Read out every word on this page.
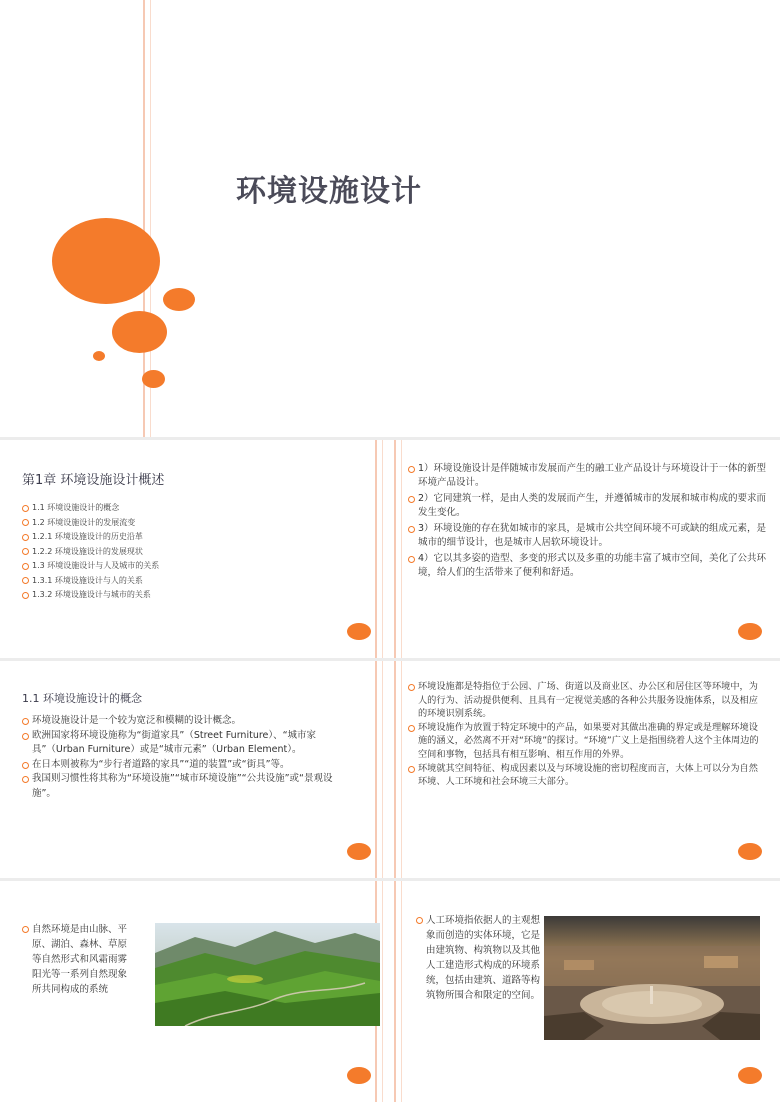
环境设施设计
第1章 环境设施设计概述
1.1 环境设施设计的概念
1.2 环境设施设计的发展流变
1.2.1 环境设施设计的历史沿革
1.2.2 环境设施设计的发展现状
1.3 环境设施设计与人及城市的关系
1.3.1 环境设施设计与人的关系
1.3.2 环境设施设计与城市的关系
1）环境设施设计是伴随城市发展而产生的融工业产品设计与环境设计于一体的新型环境产品设计。
2）它同建筑一样，是由人类的发展而产生，并遵循城市的发展和城市构成的要求而发生变化。
3）环境设施的存在犹如城市的家具，是城市公共空间环境不可或缺的组成元素，是城市的细节设计，也是城市人居软环境设计。
4）它以其多姿的造型、多变的形式以及多重的功能丰富了城市空间，美化了公共环境，给人们的生活带来了便利和舒适。
1.1 环境设施设计的概念
环境设施设计是一个较为宽泛和模糊的设计概念。
欧洲国家将环境设施称为“街道家具”（Street Furniture）、“城市家具”（Urban Furniture）或是“城市元素”（Urban Element）。
在日本则被称为“步行者道路的家具”“道的装置”或“街具”等。
我国则习惯性将其称为“环境设施”“城市环境设施”“公共设施”或“景观设施”。
环境设施都是特指位于公园、广场、街道以及商业区、办公区和居住区等环境中，为人的行为、活动提供便利、且具有一定视觉美感的各种公共服务设施体系，以及相应的环境识别系统。
环境设施作为放置于特定环境中的产品，如果要对其做出准确的界定或是理解环境设施的涵义，必然离不开对“环境”的探讨。“环境”广义上是指围绕着人这个主体周边的空间和事物，包括具有相互影响、相互作用的外界。
环境就其空间特征、构成因素以及与环境设施的密切程度而言，大体上可以分为自然环境、人工环境和社会环境三大部分。
自然环境是由山脉、平原、湖泊、森林、草原等自然形式和风霜雨雾阳光等一系列自然现象所共同构成的系统
人工环境指依据人的主观想象而创造的实体环境，它是由建筑物、构筑物以及其他人工建造形式构成的环境系统，包括由建筑、道路等构筑物所围合和限定的空间。
